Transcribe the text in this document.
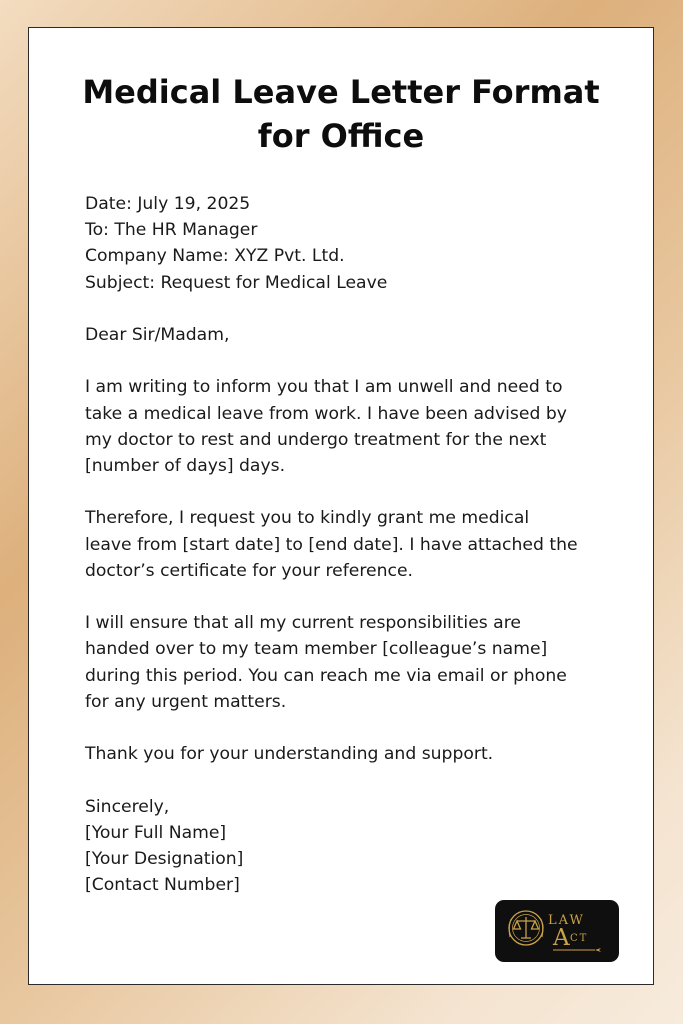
Medical Leave Letter Format
for Office
Date: July 19, 2025
To: The HR Manager
Company Name: XYZ Pvt. Ltd.
Subject: Request for Medical Leave
Dear Sir/Madam,
I am writing to inform you that I am unwell and need to
take a medical leave from work. I have been advised by
my doctor to rest and undergo treatment for the next
[number of days] days.
Therefore, I request you to kindly grant me medical
leave from [start date] to [end date]. I have attached the
doctor’s certificate for your reference.
I will ensure that all my current responsibilities are
handed over to my team member [colleague’s name]
during this period. You can reach me via email or phone
for any urgent matters.
Thank you for your understanding and support.
Sincerely,
[Your Full Name]
[Your Designation]
[Contact Number]
LAW
A CT
